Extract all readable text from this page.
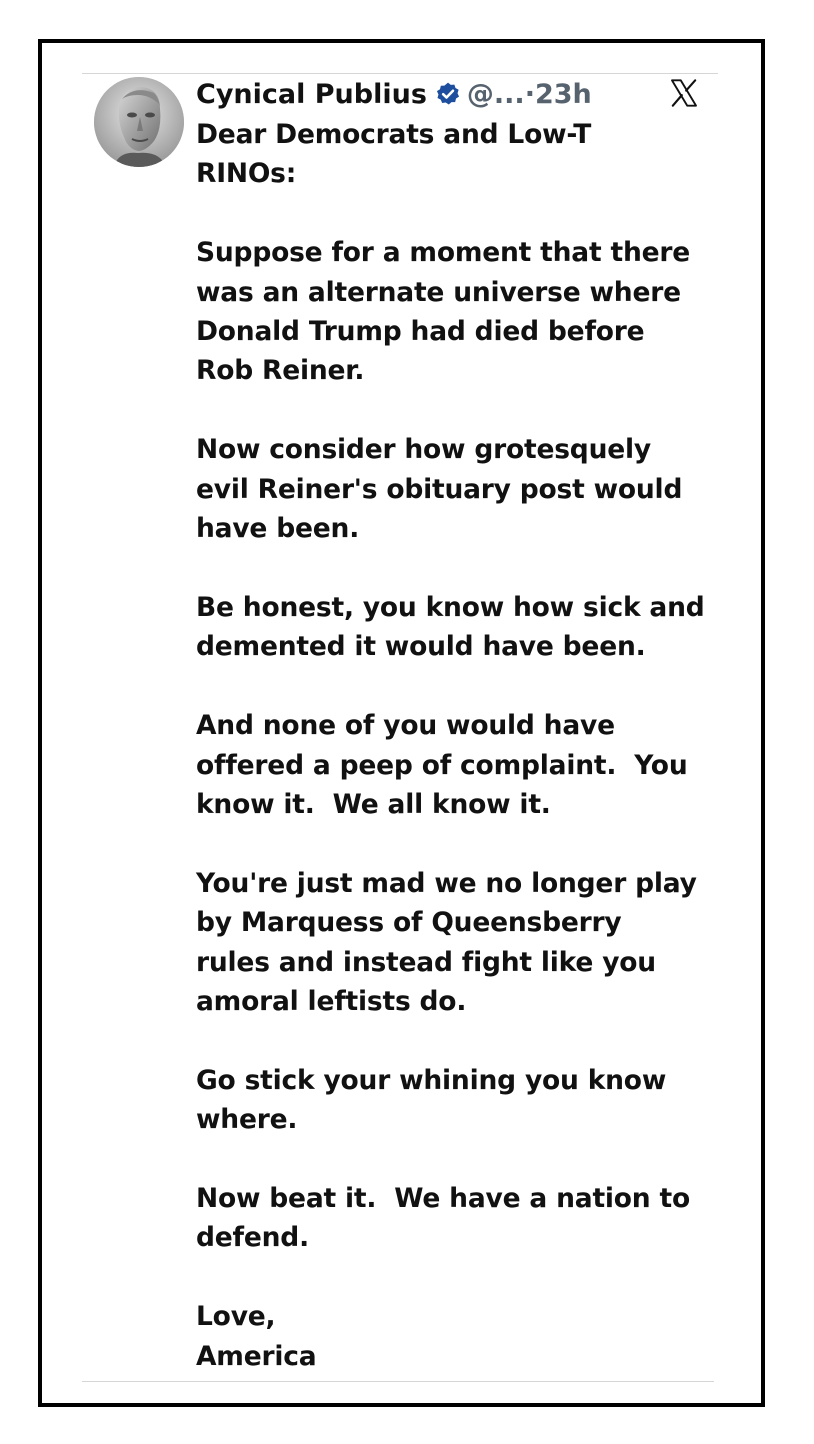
Cynical Publius @... · 23h

Dear Democrats and Low-T
RINOs:

Suppose for a moment that there
was an alternate universe where
Donald Trump had died before
Rob Reiner.

Now consider how grotesquely
evil Reiner's obituary post would
have been.

Be honest, you know how sick and
demented it would have been.

And none of you would have
offered a peep of complaint.  You
know it.  We all know it.

You're just mad we no longer play
by Marquess of Queensberry
rules and instead fight like you
amoral leftists do.

Go stick your whining you know
where.

Now beat it.  We have a nation to
defend.

Love,
America
